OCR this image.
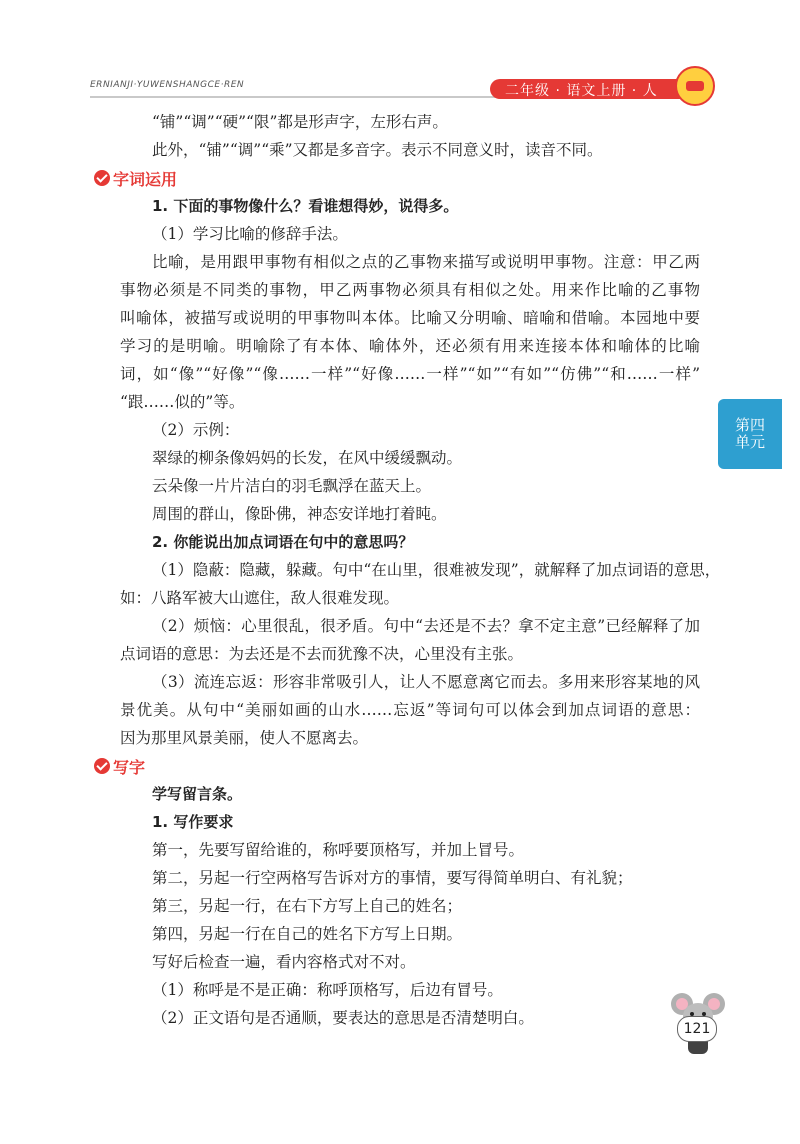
ERNIANJI·YUWENSHANGCE·REN	二年级 · 语文上册 · 人

“铺”“调”“硬”“限”都是形声字，左形右声。

此外，“铺”“调”“乘”又都是多音字。表示不同意义时，读音不同。

字词运用

1. 下面的事物像什么？看谁想得妙，说得多。

（1）学习比喻的修辞手法。

比喻，是用跟甲事物有相似之点的乙事物来描写或说明甲事物。注意：甲乙两

事物必须是不同类的事物，甲乙两事物必须具有相似之处。用来作比喻的乙事物

叫喻体，被描写或说明的甲事物叫本体。比喻又分明喻、暗喻和借喻。本园地中要

学习的是明喻。明喻除了有本体、喻体外，还必须有用来连接本体和喻体的比喻

词，如“像”“好像”“像……一样”“好像……一样”“如”“有如”“仿佛”“和……一样”

“跟……似的”等。

（2）示例：

翠绿的柳条像妈妈的长发，在风中缓缓飘动。

云朵像一片片洁白的羽毛飘浮在蓝天上。

周围的群山，像卧佛，神态安详地打着盹。

2. 你能说出加点词语在句中的意思吗？

（1）隐蔽：隐藏，躲藏。句中“在山里，很难被发现”，就解释了加点词语的意思，

如：八路军被大山遮住，敌人很难发现。

（2）烦恼：心里很乱，很矛盾。句中“去还是不去？拿不定主意”已经解释了加

点词语的意思：为去还是不去而犹豫不决，心里没有主张。

（3）流连忘返：形容非常吸引人，让人不愿意离它而去。多用来形容某地的风

景优美。从句中“美丽如画的山水……忘返”等词句可以体会到加点词语的意思：

因为那里风景美丽，使人不愿离去。

写字

学写留言条。

1. 写作要求

第一，先要写留给谁的，称呼要顶格写，并加上冒号。

第二，另起一行空两格写告诉对方的事情，要写得简单明白、有礼貌；

第三，另起一行，在右下方写上自己的姓名；

第四，另起一行在自己的姓名下方写上日期。

写好后检查一遍，看内容格式对不对。

（1）称呼是不是正确：称呼顶格写，后边有冒号。

（2）正文语句是否通顺，要表达的意思是否清楚明白。

第四
单元
121
